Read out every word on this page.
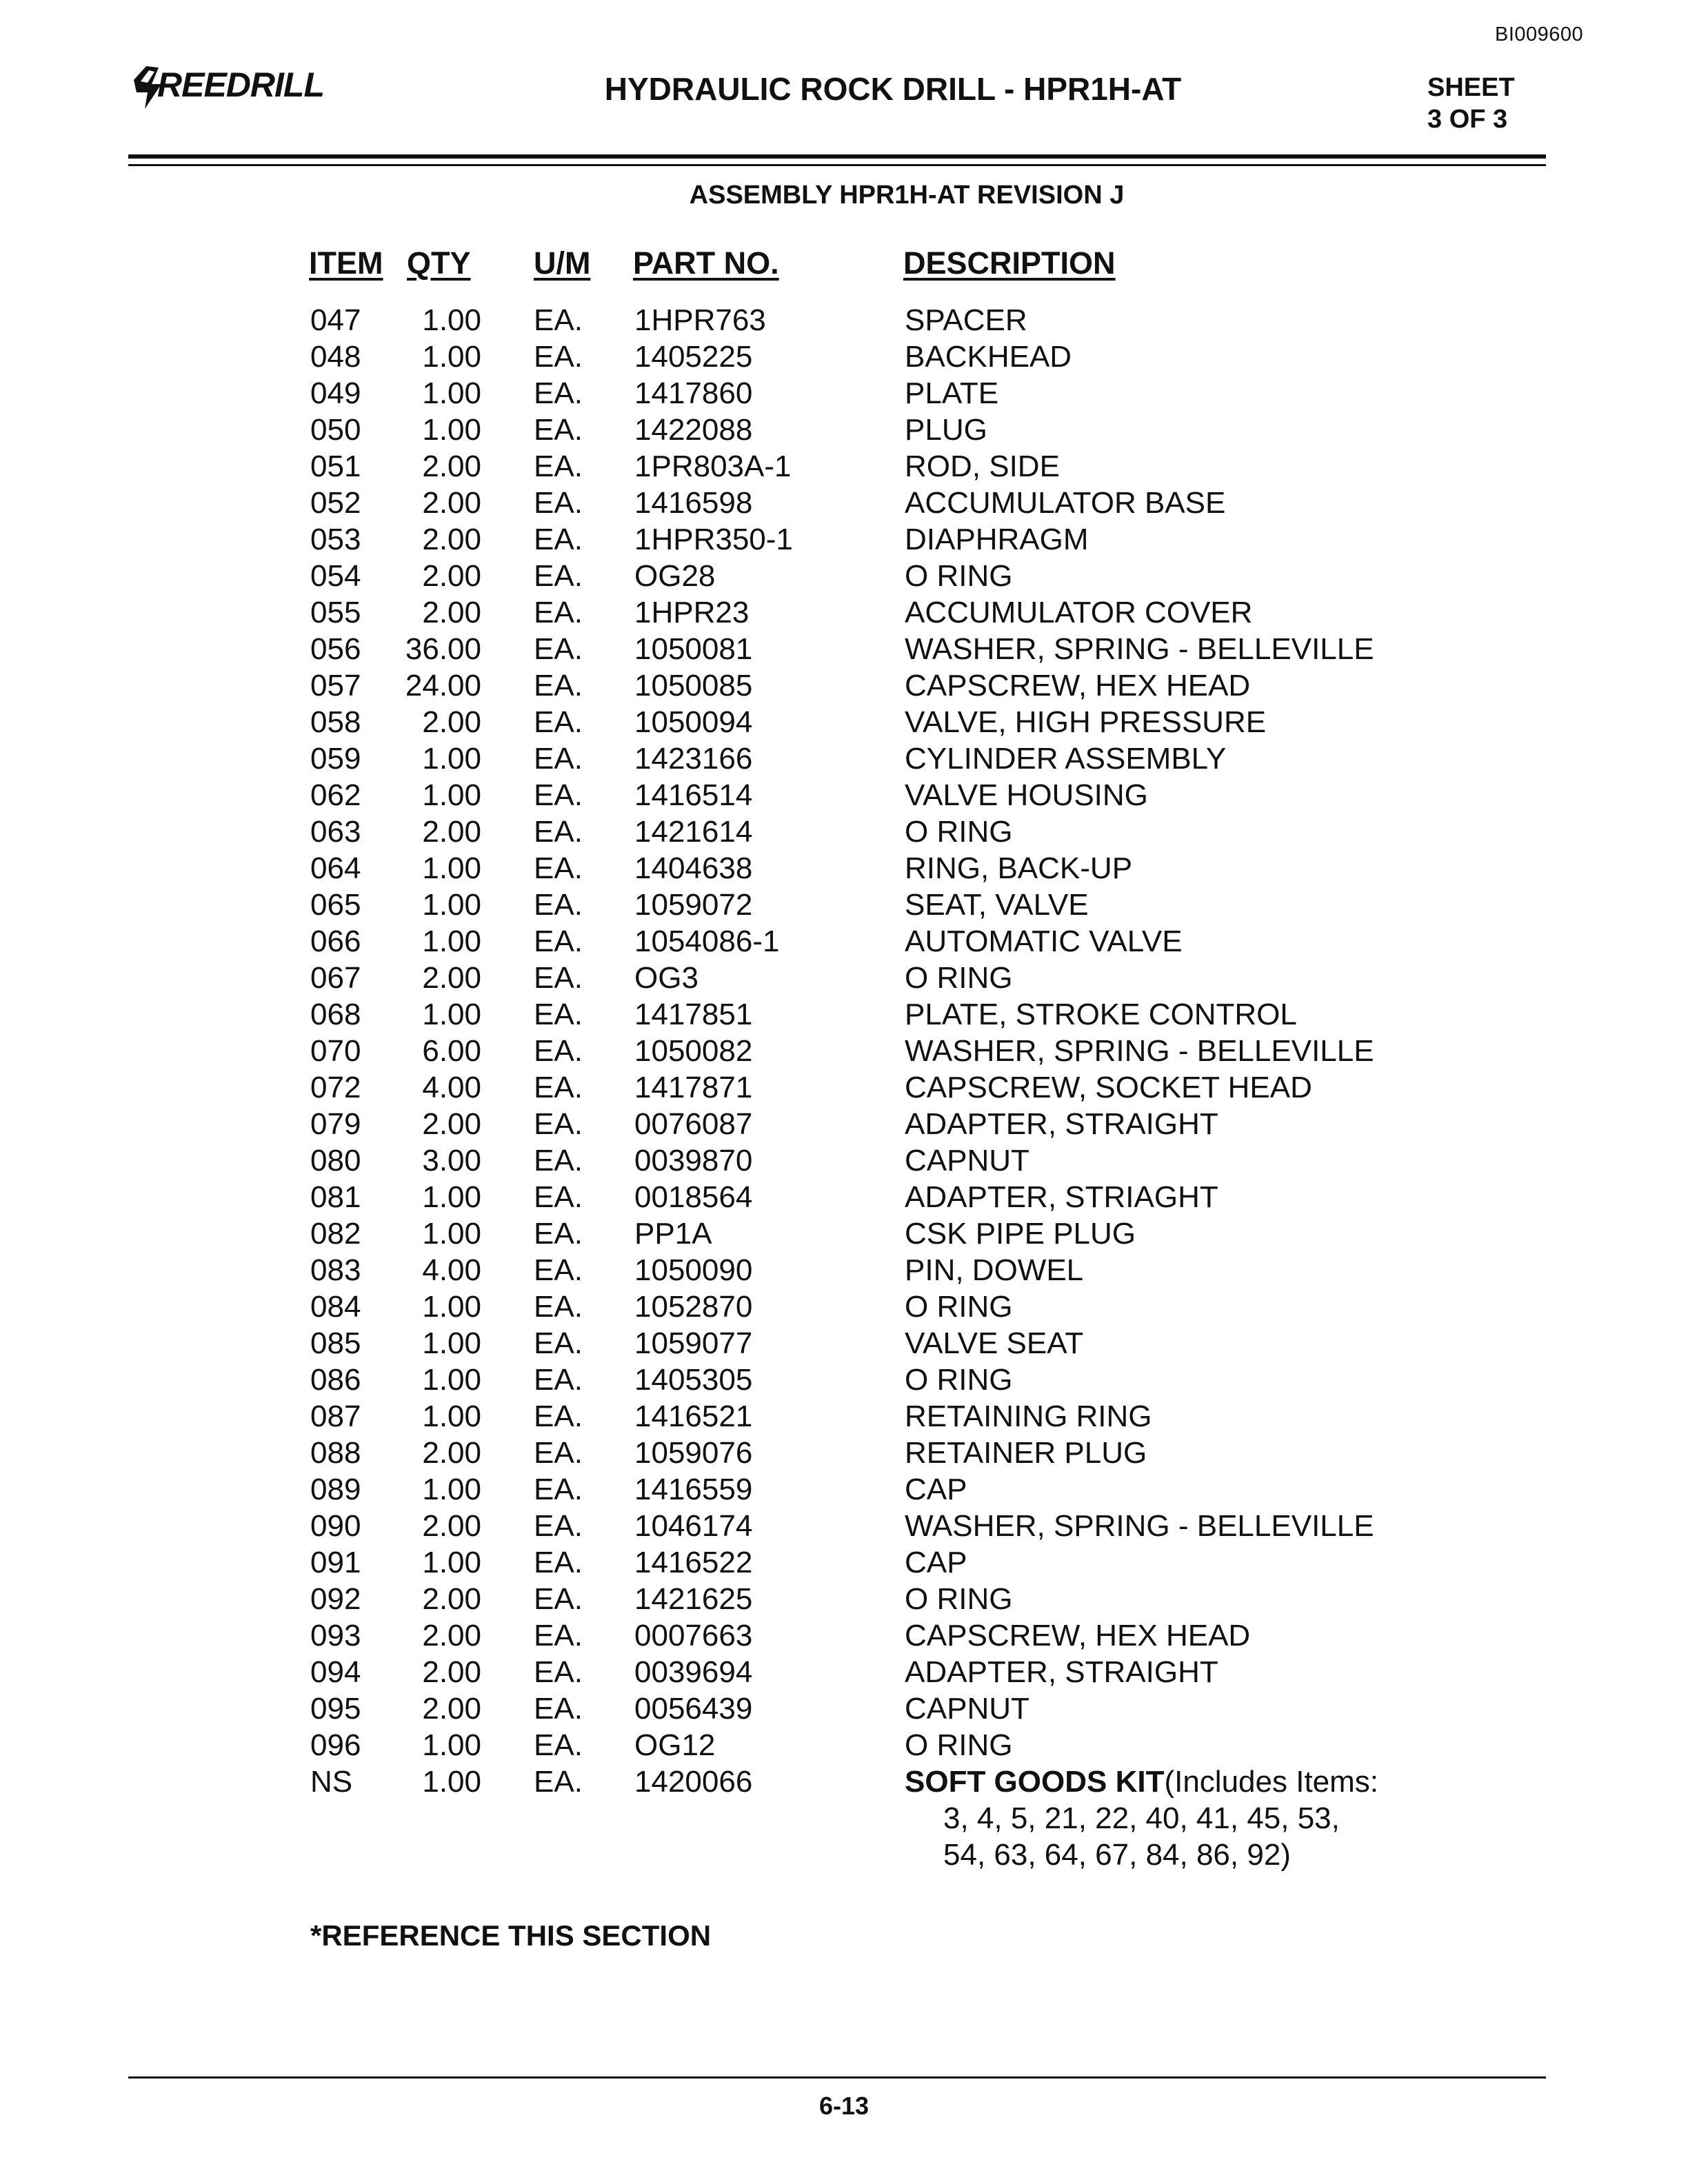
BI009600
REEDRILL	HYDRAULIC ROCK DRILL - HPR1H-AT	SHEET
3 OF 3
ASSEMBLY HPR1H-AT REVISION J
ITEM QTY U/M PART NO.	DESCRIPTION
047	1.00 EA. 1HPR763	SPACER
048	1.00 EA. 1405225	BACKHEAD
049	1.00 EA. 1417860	PLATE
050	1.00 EA. 1422088	PLUG
051	2.00 EA. 1PR803A-1	ROD, SIDE
052	2.00 EA. 1416598	ACCUMULATOR BASE
053	2.00 EA. 1HPR350-1	DIAPHRAGM
054	2.00 EA. OG28	O RING
055	2.00 EA. 1HPR23	ACCUMULATOR COVER
056	36.00 EA. 1050081	WASHER, SPRING - BELLEVILLE
057	24.00 EA. 1050085	CAPSCREW, HEX HEAD
058	2.00 EA. 1050094	VALVE, HIGH PRESSURE
059	1.00 EA. 1423166	CYLINDER ASSEMBLY
062	1.00 EA. 1416514	VALVE HOUSING
063	2.00 EA. 1421614	O RING
064	1.00 EA. 1404638	RING, BACK-UP
065	1.00 EA. 1059072	SEAT, VALVE
066	1.00 EA. 1054086-1	AUTOMATIC VALVE
067	2.00 EA. OG3	O RING
068	1.00 EA. 1417851	PLATE, STROKE CONTROL
070	6.00 EA. 1050082	WASHER, SPRING - BELLEVILLE
072	4.00 EA. 1417871	CAPSCREW, SOCKET HEAD
079	2.00 EA. 0076087	ADAPTER, STRAIGHT
080	3.00 EA. 0039870	CAPNUT
081	1.00 EA. 0018564	ADAPTER, STRIAGHT
082	1.00 EA. PP1A	CSK PIPE PLUG
083	4.00 EA. 1050090	PIN, DOWEL
084	1.00 EA. 1052870	O RING
085	1.00 EA. 1059077	VALVE SEAT
086	1.00 EA. 1405305	O RING
087	1.00 EA. 1416521	RETAINING RING
088	2.00 EA. 1059076	RETAINER PLUG
089	1.00 EA. 1416559	CAP
090	2.00 EA. 1046174	WASHER, SPRING - BELLEVILLE
091	1.00 EA. 1416522	CAP
092	2.00 EA. 1421625	O RING
093	2.00 EA. 0007663	CAPSCREW, HEX HEAD
094	2.00 EA. 0039694	ADAPTER, STRAIGHT
095	2.00 EA. 0056439	CAPNUT
096	1.00 EA. OG12	O RING
NS	1.00 EA. 1420066	SOFT GOODS KIT(Includes Items:
3, 4, 5, 21, 22, 40, 41, 45, 53,
54, 63, 64, 67, 84, 86, 92)
*REFERENCE THIS SECTION
6-13
